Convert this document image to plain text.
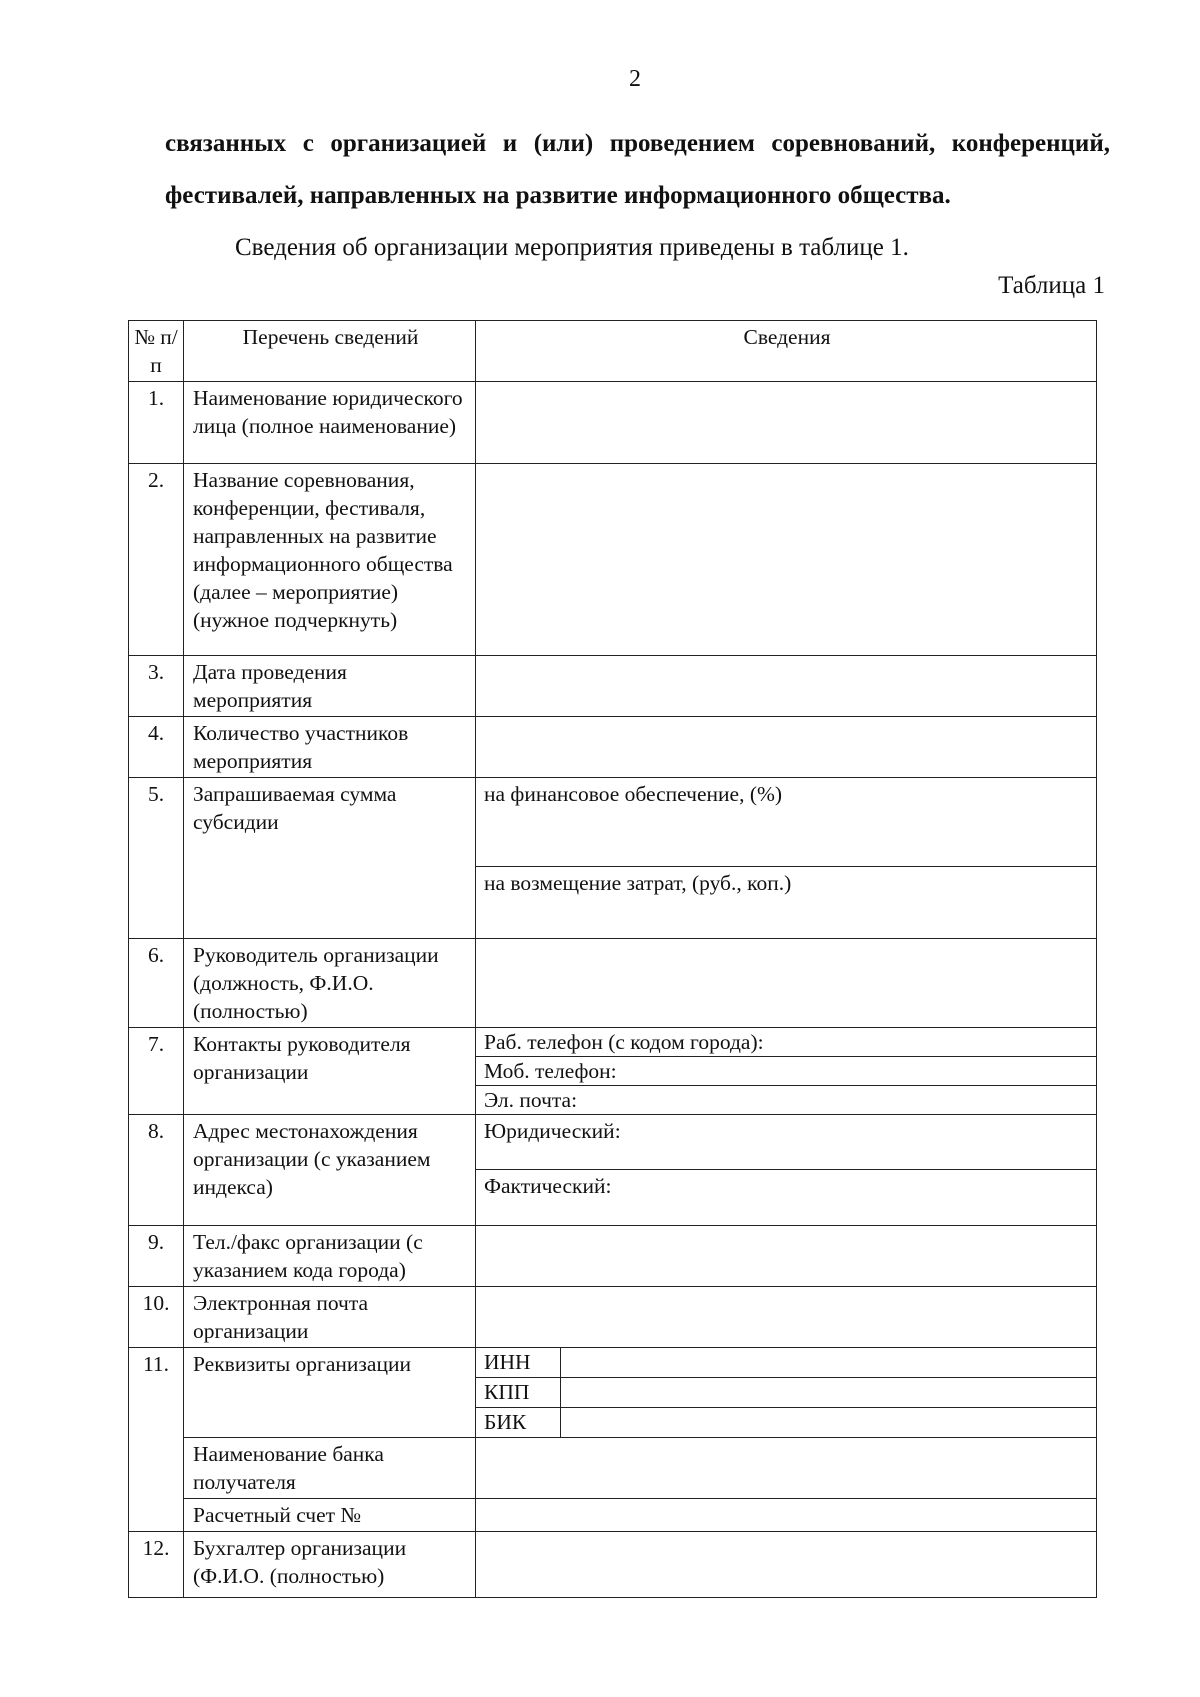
2
связанных с организацией и (или) проведением соревнований, конференций,
фестивалей, направленных на развитие информационного общества.
Сведения об организации мероприятия приведены в таблице 1.
Таблица 1
№ п/п	Перечень сведений	Сведения
1.	Наименование юридического лица (полное наименование)	
2.	Название соревнования, конференции, фестиваля, направленных на развитие информационного общества (далее – мероприятие) (нужное подчеркнуть)	
3.	Дата проведения мероприятия	
4.	Количество участников мероприятия	
5.	Запрашиваемая сумма субсидии	на финансовое обеспечение, (%)
на возмещение затрат, (руб., коп.)

6.	Руководитель организации (должность, Ф.И.О. (полностью)	
7.	Контакты руководителя организации	Раб. телефон (с кодом города):
Моб. телефон:
Эл. почта:

8.	Адрес местонахождения организации (с указанием индекса)	Юридический:
Фактический:

9.	Тел./факс организации (с указанием кода города)	
10.	Электронная почта организации	
11.	Реквизиты организации	ИНН
КПП
БИК

	Наименование банка получателя	
	Расчетный счет №	
12.	Бухгалтер организации (Ф.И.О. (полностью)	
